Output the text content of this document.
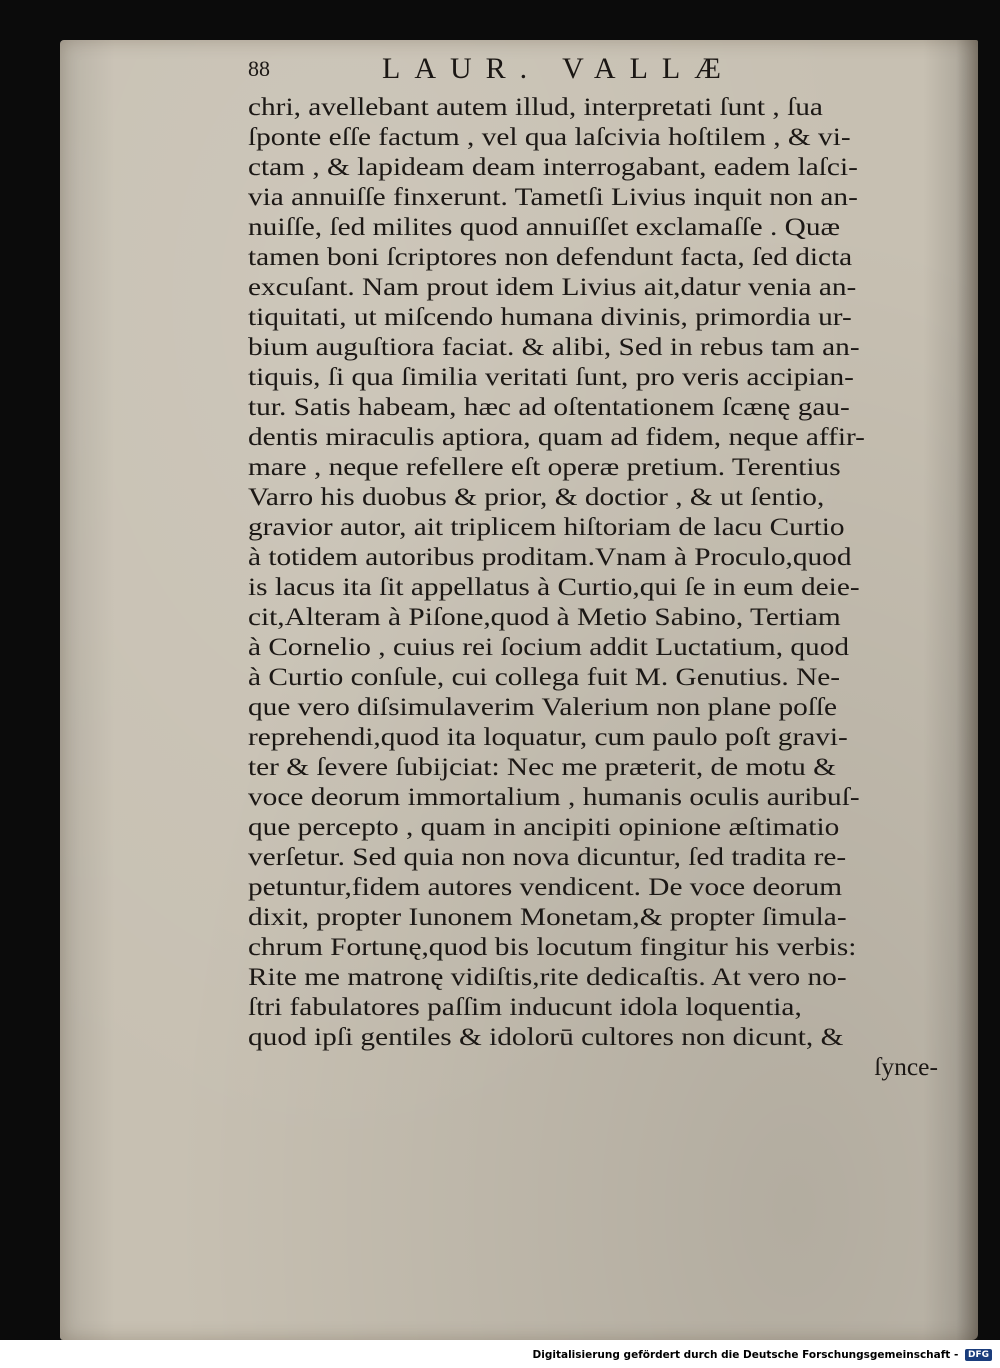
88	LAUR. VALLÆ
chri, avellebant autem illud, interpretati ſunt , ſua
ſponte eſſe factum , vel qua laſcivia hoſtilem , & vi-
ctam , & lapideam deam interrogabant, eadem laſci-
via annuiſſe finxerunt. Tametſi Livius inquit non an-
nuiſſe, ſed milites quod annuiſſet exclamaſſe . Quæ
tamen boni ſcriptores non defendunt facta, ſed dicta
excuſant. Nam prout idem Livius ait,datur venia an-
tiquitati, ut miſcendo humana divinis, primordia ur-
bium auguſtiora faciat. & alibi, Sed in rebus tam an-
tiquis, ſi qua ſimilia veritati ſunt, pro veris accipian-
tur. Satis habeam, hæc ad oſtentationem ſcænę gau-
dentis miraculis aptiora, quam ad fidem, neque affir-
mare , neque refellere eſt operæ pretium. Terentius
Varro his duobus & prior, & doctior , & ut ſentio,
gravior autor, ait triplicem hiſtoriam de lacu Curtio
à totidem autoribus proditam.Vnam à Proculo,quod
is lacus ita ſit appellatus à Curtio,qui ſe in eum deie-
cit,Alteram à Piſone,quod à Metio Sabino, Tertiam
à Cornelio , cuius rei ſocium addit Luctatium, quod
à Curtio conſule, cui collega fuit M. Genutius. Ne-
que vero diſsimulaverim Valerium non plane poſſe
reprehendi,quod ita loquatur, cum paulo poſt gravi-
ter & ſevere ſubijciat: Nec me præterit, de motu &
voce deorum immortalium , humanis oculis auribuſ-
que percepto , quam in ancipiti opinione æſtimatio
verſetur. Sed quia non nova dicuntur, ſed tradita re-
petuntur,fidem autores vendicent. De voce deorum
dixit, propter Iunonem Monetam,& propter ſimula-
chrum Fortunę,quod bis locutum fingitur his verbis:
Rite me matronę vidiſtis,rite dedicaſtis. At vero no-
ſtri fabulatores paſſim inducunt idola loquentia,
quod ipſi gentiles & idolorū cultores non dicunt, &
ſynce-
Digitalisierung gefördert durch die Deutsche Forschungsgemeinschaft - DFG
